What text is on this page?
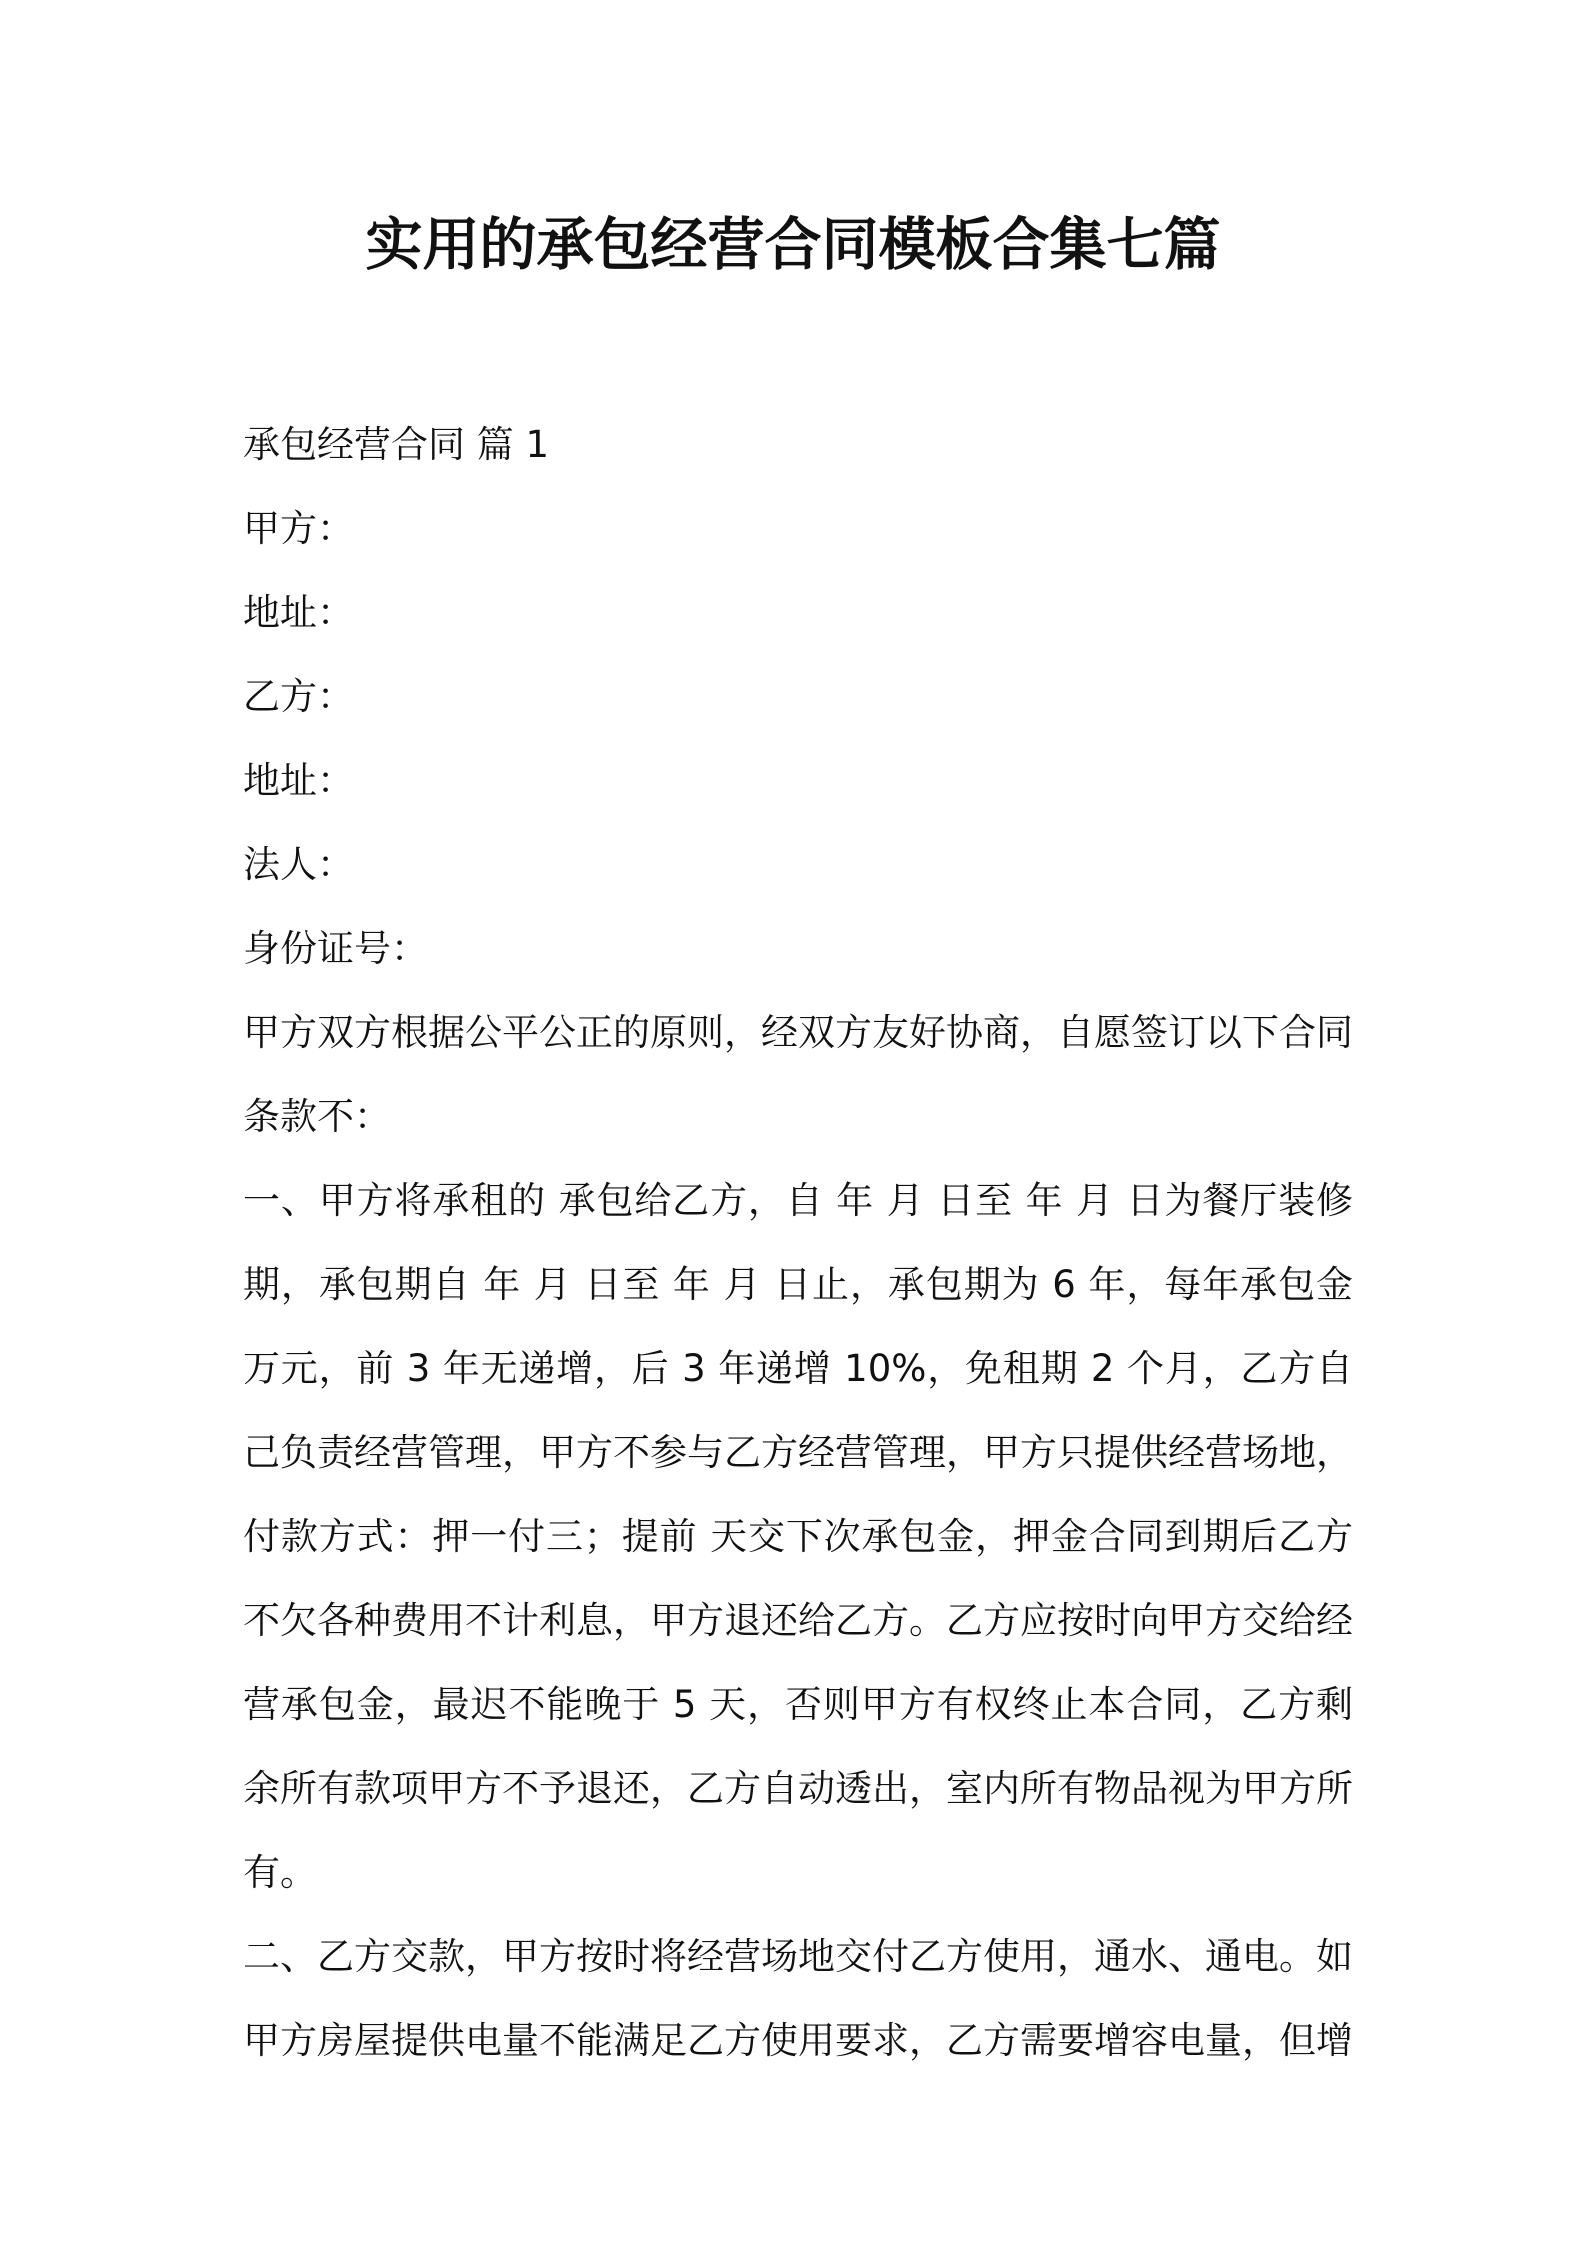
实用的承包经营合同模板合集七篇
承包经营合同 篇 1
甲方：
地址：
乙方：
地址：
法人：
身份证号：

甲方双方根据公平公正的原则，经双方友好协商，自愿签订以下合同条款不：

一、甲方将承租的 承包给乙方，自 年 月 日至 年 月 日为餐厅装修期，承包期自 年 月 日至 年 月 日止，承包期为 6 年，每年承包金 万元，前 3 年无递增，后 3 年递增 10%，免租期 2 个月，乙方自己负责经营管理，甲方不参与乙方经营管理，甲方只提供经营场地，付款方式：押一付三；提前 天交下次承包金，押金合同到期后乙方不欠各种费用不计利息，甲方退还给乙方。乙方应按时向甲方交给经营承包金，最迟不能晚于 5 天，否则甲方有权终止本合同，乙方剩余所有款项甲方不予退还，乙方自动透出，室内所有物品视为甲方所有。

二、乙方交款，甲方按时将经营场地交付乙方使用，通水、通电。如甲方房屋提供电量不能满足乙方使用要求，乙方需要增容电量，但增
